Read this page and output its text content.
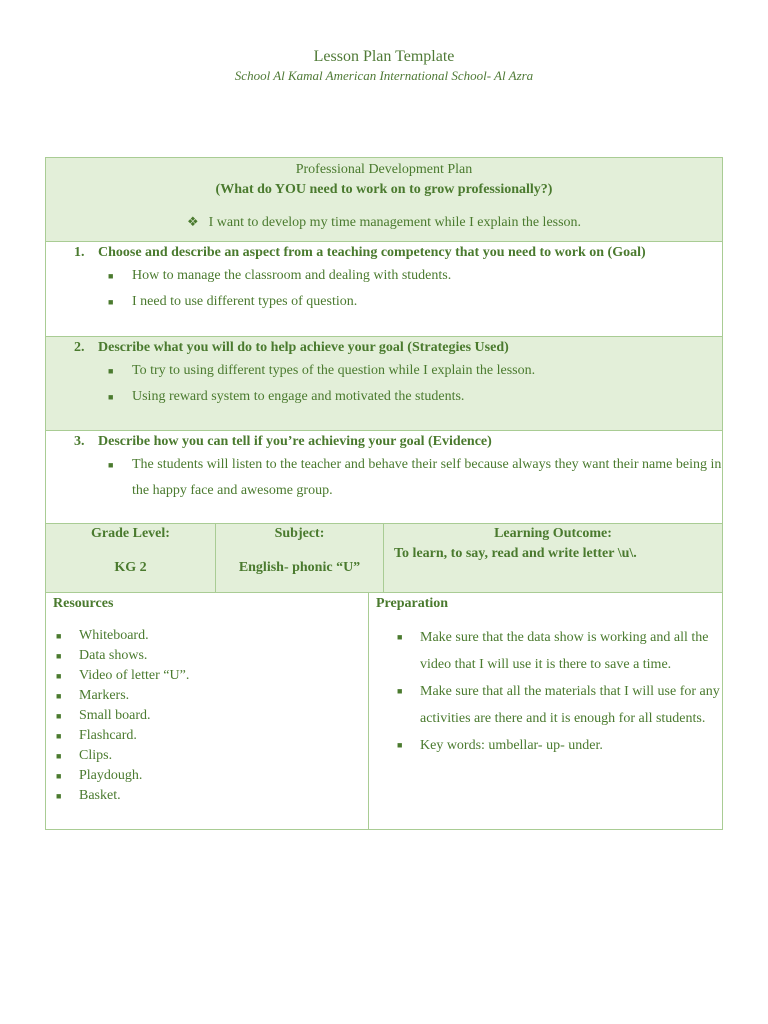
Lesson Plan Template
School Al Kamal American International School- Al Azra
Professional Development Plan
(What do YOU need to work on to grow professionally?)
❖ I want to develop my time management while I explain the lesson.
1. Choose and describe an aspect from a teaching competency that you need to work on (Goal)
■ How to manage the classroom and dealing with students.
■ I need to use different types of question.
2. Describe what you will do to help achieve your goal (Strategies Used)
■ To try to using different types of the question while I explain the lesson.
■ Using reward system to engage and motivated the students.
3. Describe how you can tell if you’re achieving your goal (Evidence)
■ The students will listen to the teacher and behave their self because always they want their name being in the happy face and awesome group.
Grade Level:
KG 2
Subject:
English- phonic “U”
Learning Outcome:
To learn, to say, read and write letter \u\.
Resources
■ Whiteboard.
■ Data shows.
■ Video of letter “U”.
■ Markers.
■ Small board.
■ Flashcard.
■ Clips.
■ Playdough.
■ Basket.
Preparation
■ Make sure that the data show is working and all the video that I will use it is there to save a time.
■ Make sure that all the materials that I will use for any activities are there and it is enough for all students.
■ Key words: umbellar- up- under.
